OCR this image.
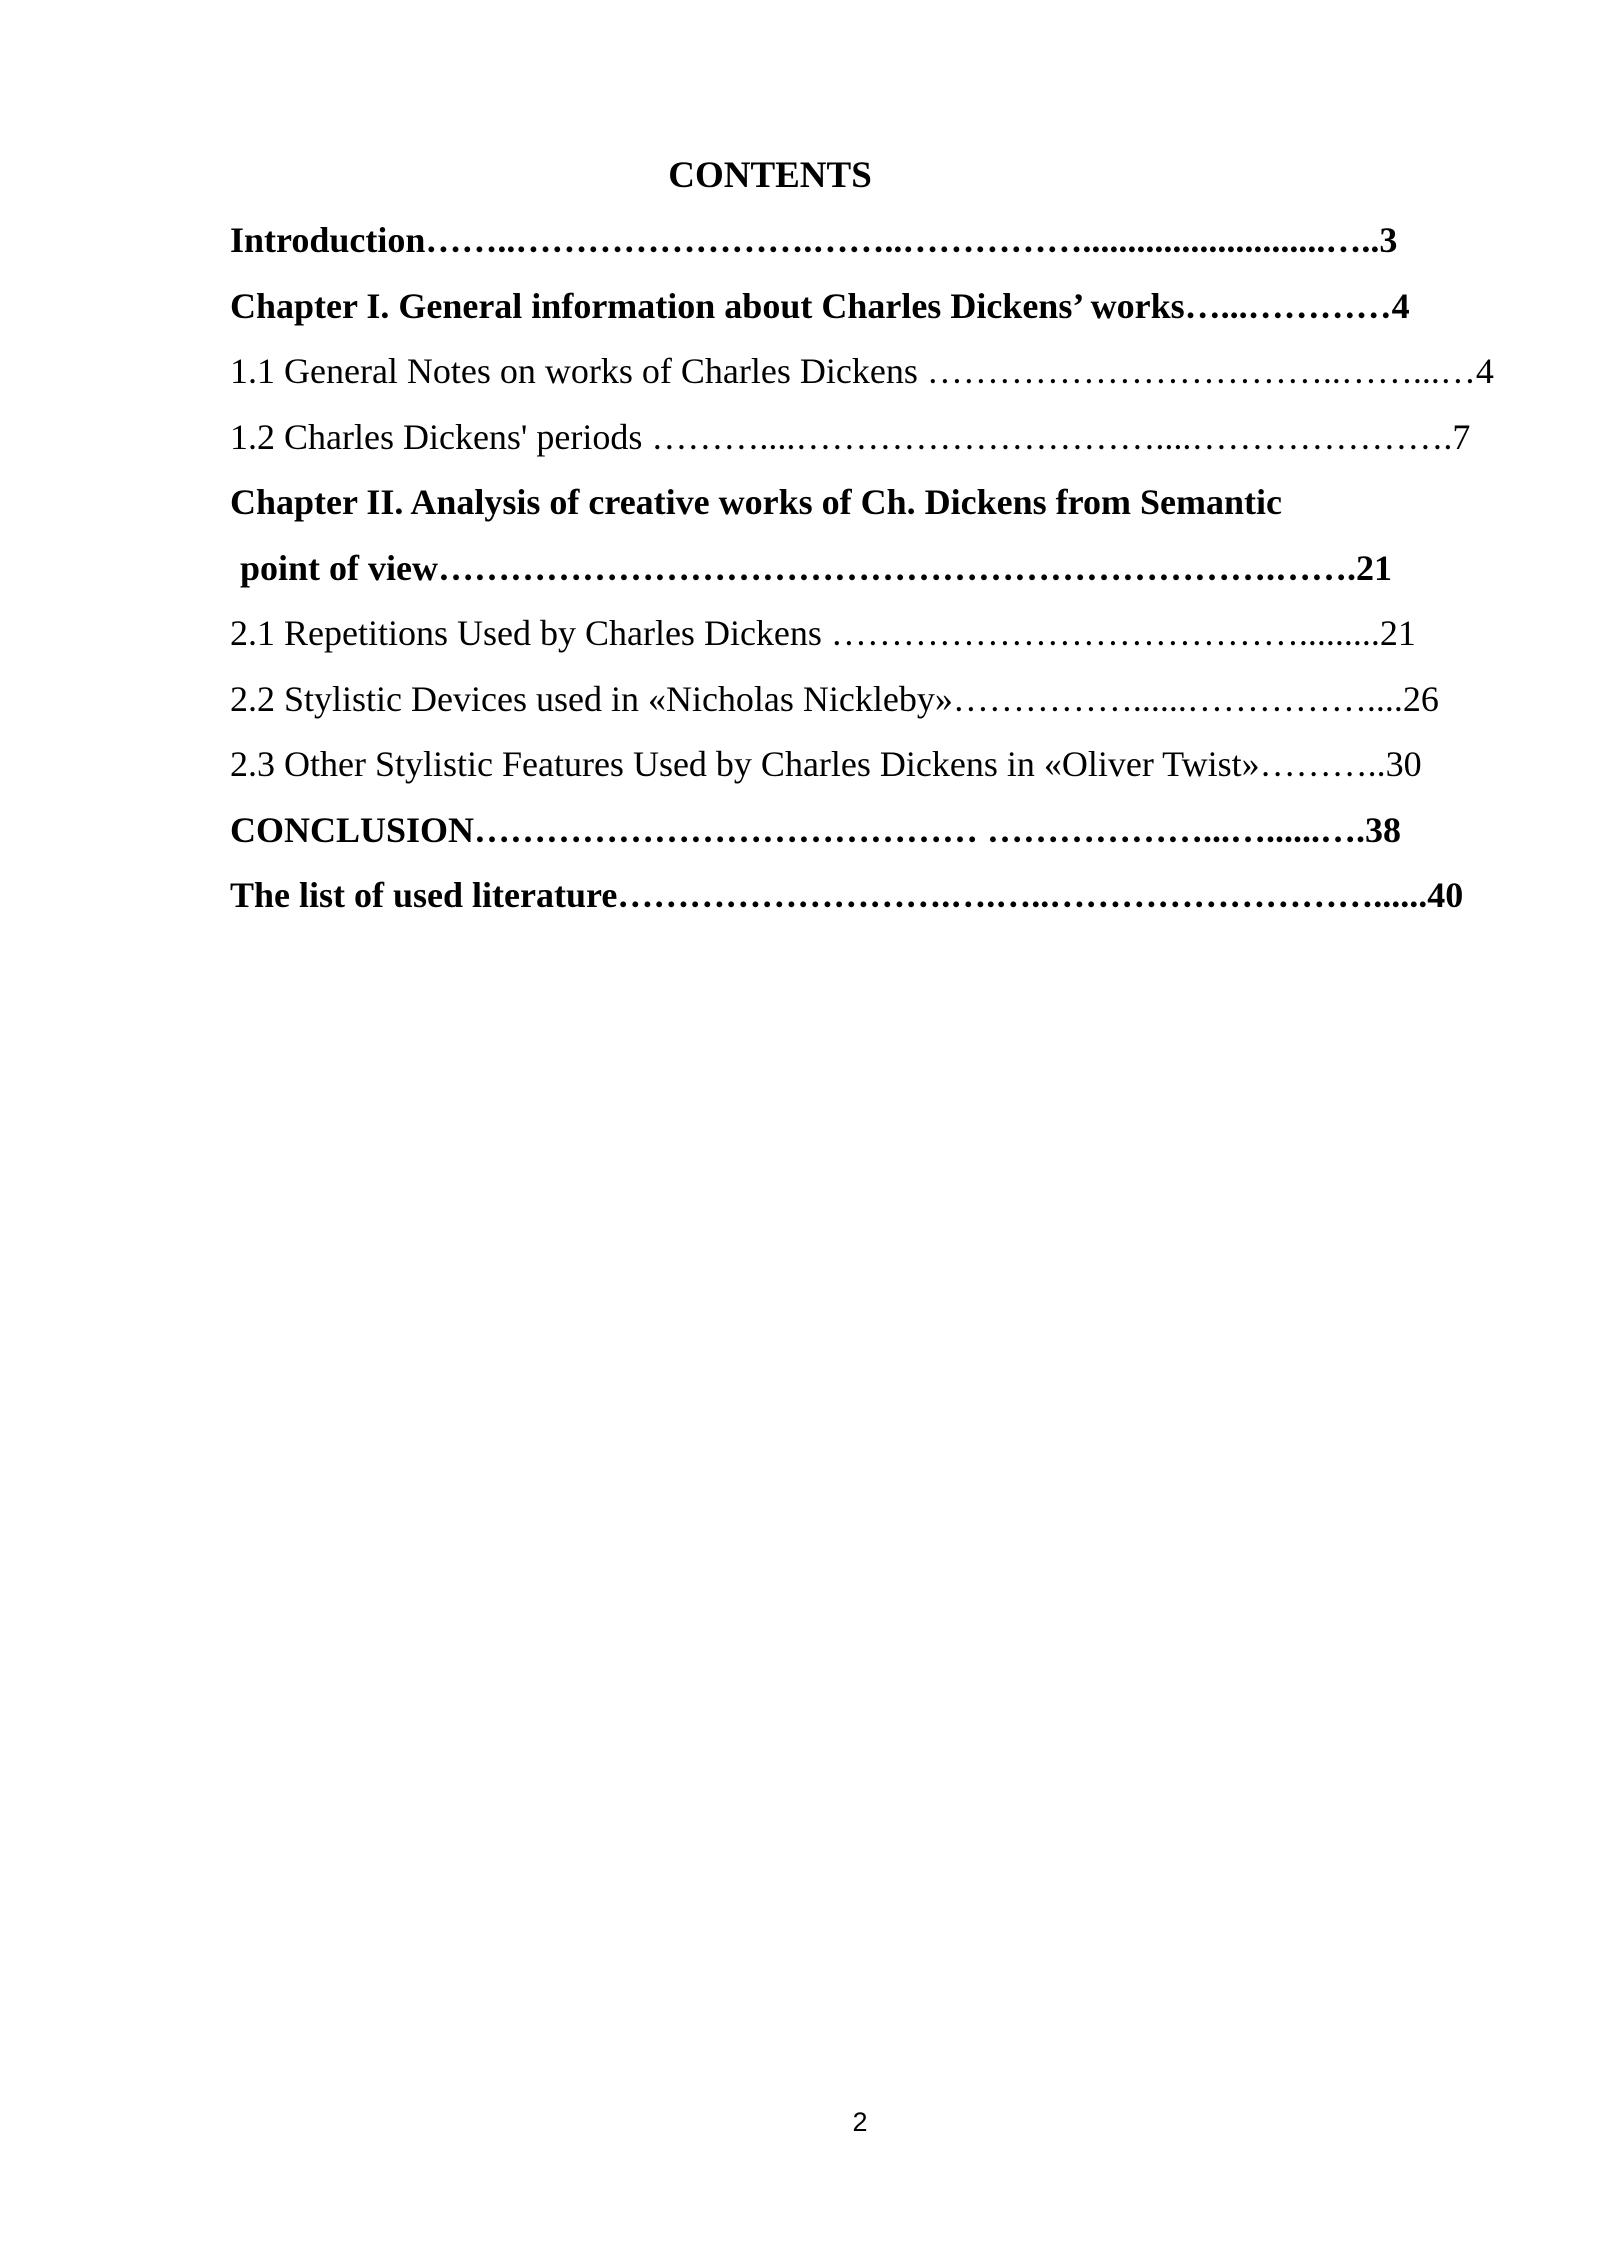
CONTENTS
Introduction……..…………………….……..……………...........................…..3
Chapter I. General information about Charles Dickens’ works…...…………4
1.1 General Notes on works of Charles Dickens ……………………………..……...…4
1.2 Charles Dickens' periods ………....…………………………....………………….7
Chapter II. Analysis of creative works of Ch. Dickens from Semantic
point of view…………………………………………………………….…….21
2.1 Repetitions Used by Charles Dickens ………………………………….........21
2.2 Stylistic Devices used in «Nicholas Nickleby»……………......……………....26
2.3 Other Stylistic Features Used by Charles Dickens in «Oliver Twist»………..30
CONCLUSION…………………………………… ………………...…......….38
The list of used literature……………………….….…..………………………......40
2
